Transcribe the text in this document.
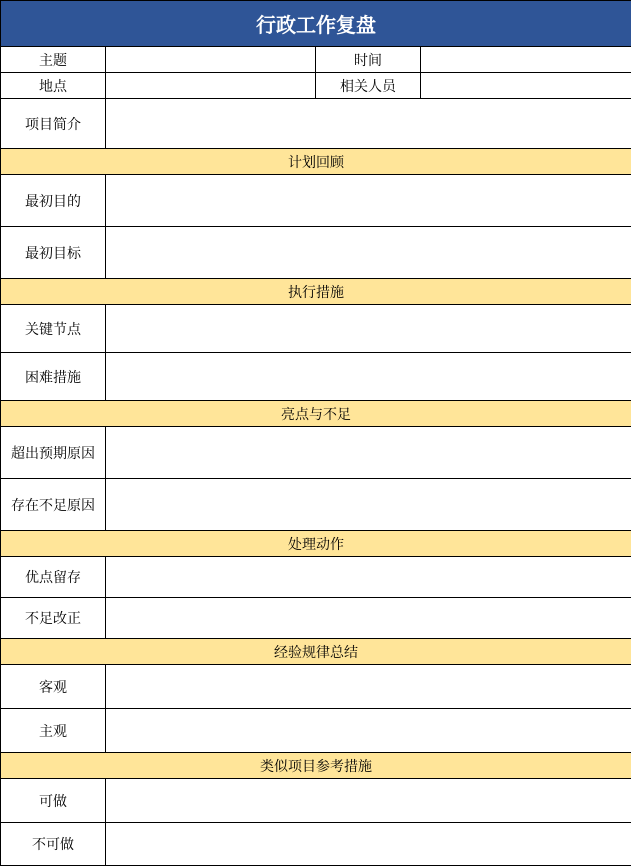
行政工作复盘			
主题		时间	
地点		相关人员	
项目简介			
计划回顾			
最初目的			
最初目标			
执行措施			
关键节点			
困难措施			
亮点与不足			
超出预期原因			
存在不足原因			
处理动作			
优点留存			
不足改正			
经验规律总结			
客观			
主观			
类似项目参考措施			
可做			
不可做			
